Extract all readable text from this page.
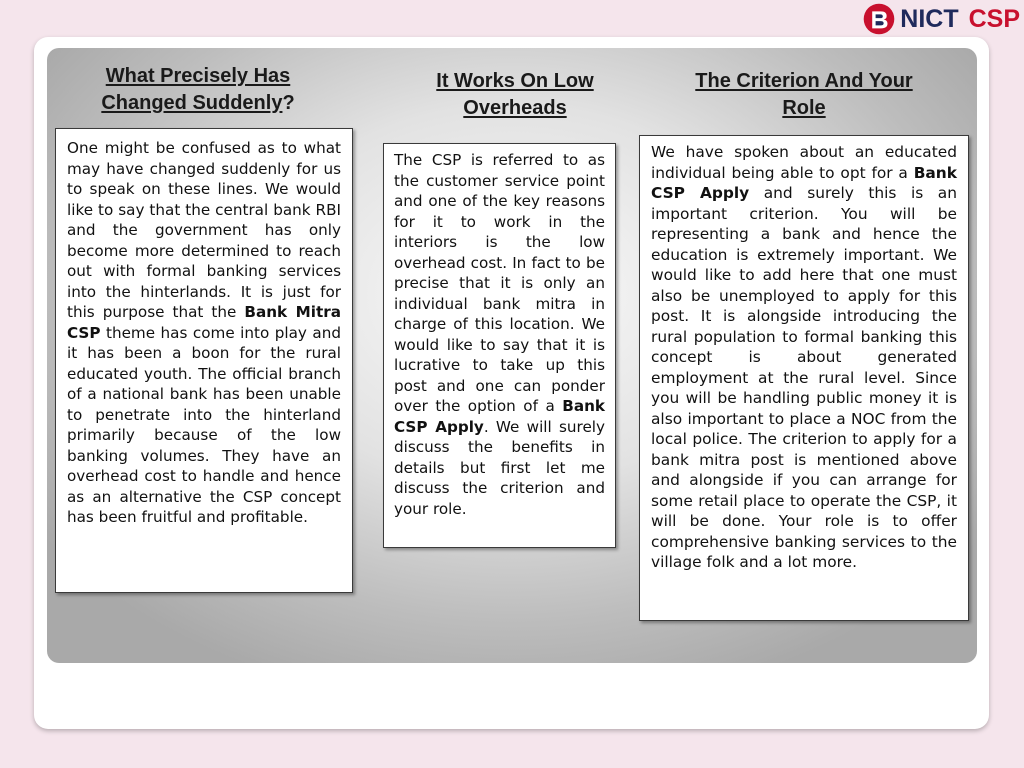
NICT CSP
What Precisely Has Changed Suddenly?
It Works On Low Overheads
The Criterion And Your Role
One might be confused as to what may have changed suddenly for us to speak on these lines. We would like to say that the central bank RBI and the government has only become more determined to reach out with formal banking services into the hinterlands. It is just for this purpose that the Bank Mitra CSP theme has come into play and it has been a boon for the rural educated youth. The official branch of a national bank has been unable to penetrate into the hinterland primarily because of the low banking volumes. They have an overhead cost to handle and hence as an alternative the CSP concept has been fruitful and profitable.
The CSP is referred to as the customer service point and one of the key reasons for it to work in the interiors is the low overhead cost. In fact to be precise that it is only an individual bank mitra in charge of this location. We would like to say that it is lucrative to take up this post and one can ponder over the option of a Bank CSP Apply. We will surely discuss the benefits in details but first let me discuss the criterion and your role.
We have spoken about an educated individual being able to opt for a Bank CSP Apply and surely this is an important criterion. You will be representing a bank and hence the education is extremely important. We would like to add here that one must also be unemployed to apply for this post. It is alongside introducing the rural population to formal banking this concept is about generated employment at the rural level. Since you will be handling public money it is also important to place a NOC from the local police. The criterion to apply for a bank mitra post is mentioned above and alongside if you can arrange for some retail place to operate the CSP, it will be done. Your role is to offer comprehensive banking services to the village folk and a lot more.
